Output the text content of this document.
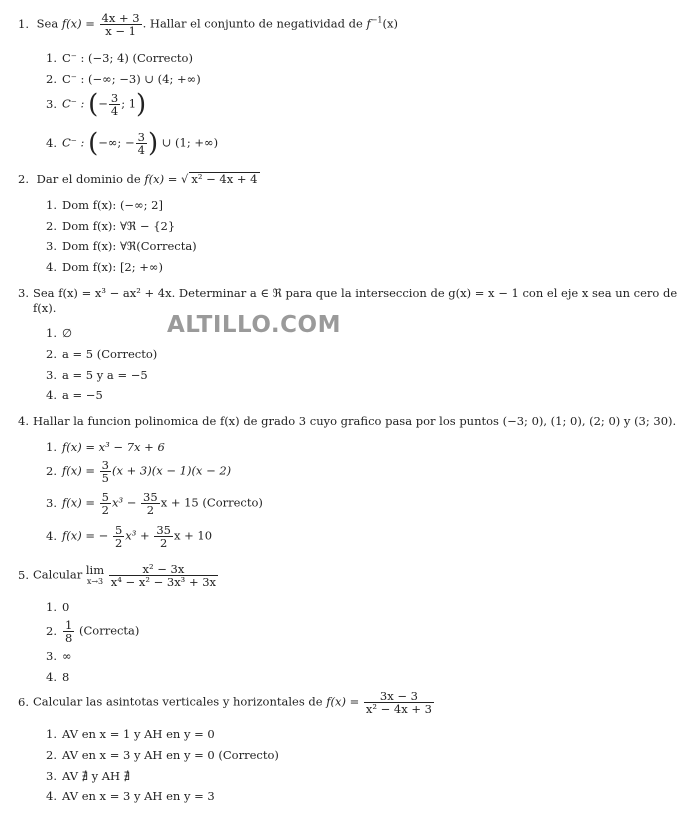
1. Sea $f(x) = \frac{4x + 3}{x - 1}$ . Hallar el conjunto de negatividad de $f^{-1}(x)$
1. C⁻ : (−3; 4) (Correcto)
2. C⁻ : (−∞; −3) ∪ (4; +∞)
3. C⁻ : (− $\frac{3}{4}$ ; 1)
4. C⁻ : (−∞; − $\frac{3}{4}$ ) ∪ (1; +∞)
2. Dar el dominio de f(x) = √ x² − 4x + 4
1. Dom f(x): (−∞; 2]
2. Dom f(x): ∀ℜ − {2}
3. Dom f(x): ∀ℜ(Correcta)
4. Dom f(x): [2; +∞)
3. Sea f(x) = x³ − ax² + 4x. Determinar a ∈ ℜ para que la interseccion de g(x) = x − 1 con el eje x sea un cero de
f(x).
ALTILLO.COM
1. ∅
2. a = 5 (Correcto)
3. a = 5 y a = −5
4. a = −5
4. Hallar la funcion polinomica de f(x) de grado 3 cuyo grafico pasa por los puntos (−3; 0), (1; 0), (2; 0) y (3; 30).
1. f(x) = x³ − 7x + 6
2. $f(x) = \frac{3}{5} (x + 3)(x - 1)(x - 2)$
3. $f(x) = \frac{5}{2} x^3 - \frac{35}{2}$ x + 15 (Correcto)
4. f(x) = − $\frac{5}{2} x^3 + \frac{35}{2}$ x + 10
5. Calcular lim
x→3
$\frac{\text{x² − 3x}}{\text{x⁴ − x² − 3x³ + 3x}}$
1. 0
2. $\frac{1}{8}$ (Correcta)
3. ∞
4. 8
6. Calcular las asintotas verticales y horizontales de $f(x) = \frac{3x - 3}{\text{x² − 4x + 3}}$
1. AV en x = 1 y AH en y = 0
2. AV en x = 3 y AH en y = 0 (Correcto)
3. AV ∄ y AH ∄
4. AV en x = 3 y AH en y = 3
